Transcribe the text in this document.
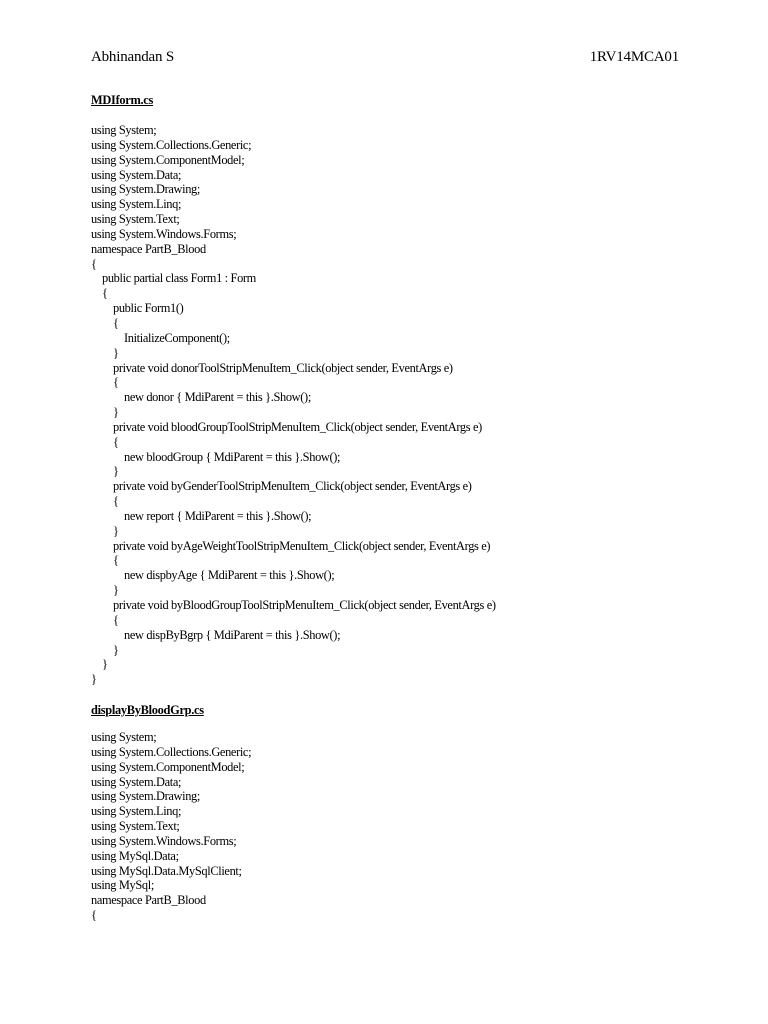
Abhinandan S	1RV14MCA01
MDIform.cs
using System;
using System.Collections.Generic;
using System.ComponentModel;
using System.Data;
using System.Drawing;
using System.Linq;
using System.Text;
using System.Windows.Forms;
namespace PartB_Blood
{
public partial class Form1 : Form
{
public Form1()
{
InitializeComponent();
}
private void donorToolStripMenuItem_Click(object sender, EventArgs e)
{
new donor { MdiParent = this }.Show();
}
private void bloodGroupToolStripMenuItem_Click(object sender, EventArgs e)
{
new bloodGroup { MdiParent = this }.Show();
}
private void byGenderToolStripMenuItem_Click(object sender, EventArgs e)
{
new report { MdiParent = this }.Show();
}
private void byAgeWeightToolStripMenuItem_Click(object sender, EventArgs e)
{
new dispbyAge { MdiParent = this }.Show();
}
private void byBloodGroupToolStripMenuItem_Click(object sender, EventArgs e)
{
new dispByBgrp { MdiParent = this }.Show();
}
}
}
displayByBloodGrp.cs
using System;
using System.Collections.Generic;
using System.ComponentModel;
using System.Data;
using System.Drawing;
using System.Linq;
using System.Text;
using System.Windows.Forms;
using MySql.Data;
using MySql.Data.MySqlClient;
using MySql;
namespace PartB_Blood
{
